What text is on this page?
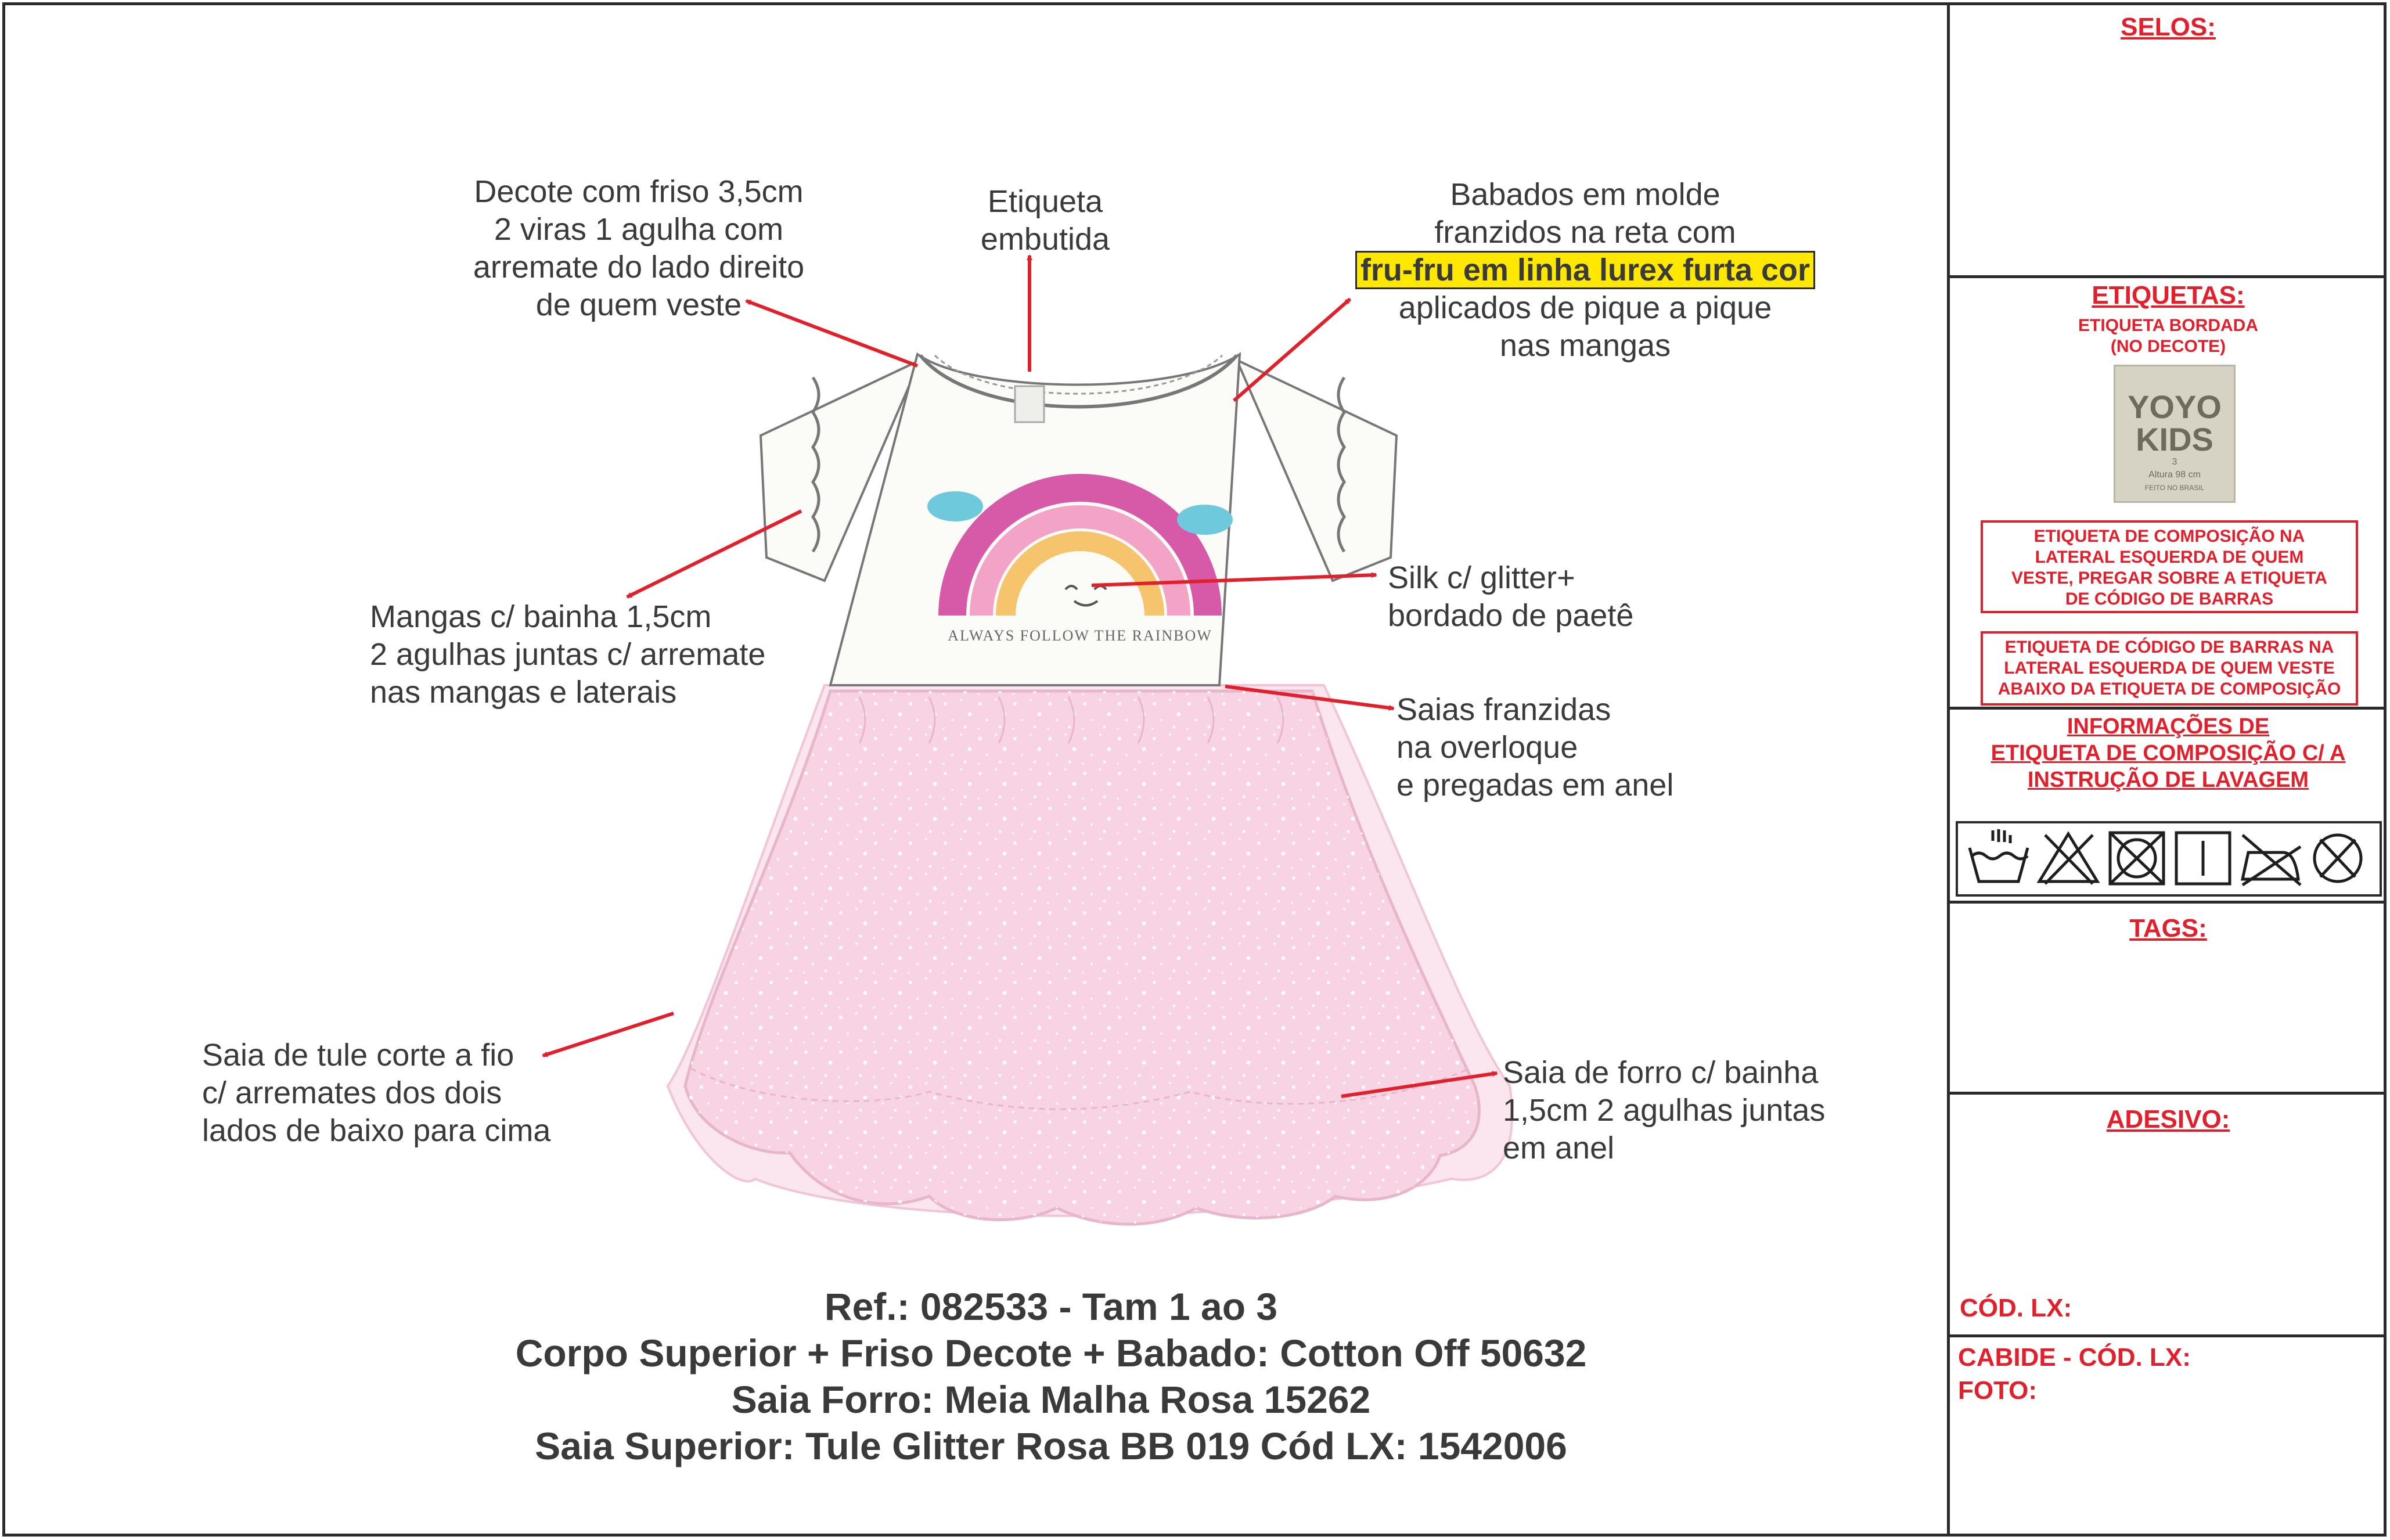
ALWAYS FOLLOW THE RAINBOW
Decote com friso 3,5cm
2 viras 1 agulha com
arremate do lado direito
de quem veste
Etiqueta
embutida
Babados em molde
franzidos na reta com
fru-fru em linha lurex furta cor
aplicados de pique a pique
nas mangas
Silk c/ glitter+
bordado de paetê
Mangas c/ bainha 1,5cm
2 agulhas juntas c/ arremate
nas mangas e laterais	Saias franzidas
na overloque
e pregadas em anel
Saia de tule corte a fio
c/ arremates dos dois
lados de baixo para cima
Saia de forro c/ bainha
1,5cm 2 agulhas juntas
em anel
Ref.: 082533 - Tam 1 ao 3
Corpo Superior + Friso Decote + Babado: Cotton Off 50632
Saia Forro: Meia Malha Rosa 15262
Saia Superior: Tule Glitter Rosa BB 019 Cód LX: 1542006
SELOS:
ETIQUETAS:
ETIQUETA BORDADA
(NO DECOTE)
YOYO
KIDS
3
Altura 98 cm
FEITO NO BRASIL
ETIQUETA DE COMPOSIÇÃO NA
LATERAL ESQUERDA DE QUEM
VESTE, PREGAR SOBRE A ETIQUETA
DE CÓDIGO DE BARRAS
ETIQUETA DE CÓDIGO DE BARRAS NA
LATERAL ESQUERDA DE QUEM VESTE
ABAIXO DA ETIQUETA DE COMPOSIÇÃO
INFORMAÇÕES DE
ETIQUETA DE COMPOSIÇÃO C/ A
INSTRUÇÃO DE LAVAGEM
TAGS:
ADESIVO:
CÓD. LX:
CABIDE - CÓD. LX:
FOTO:
